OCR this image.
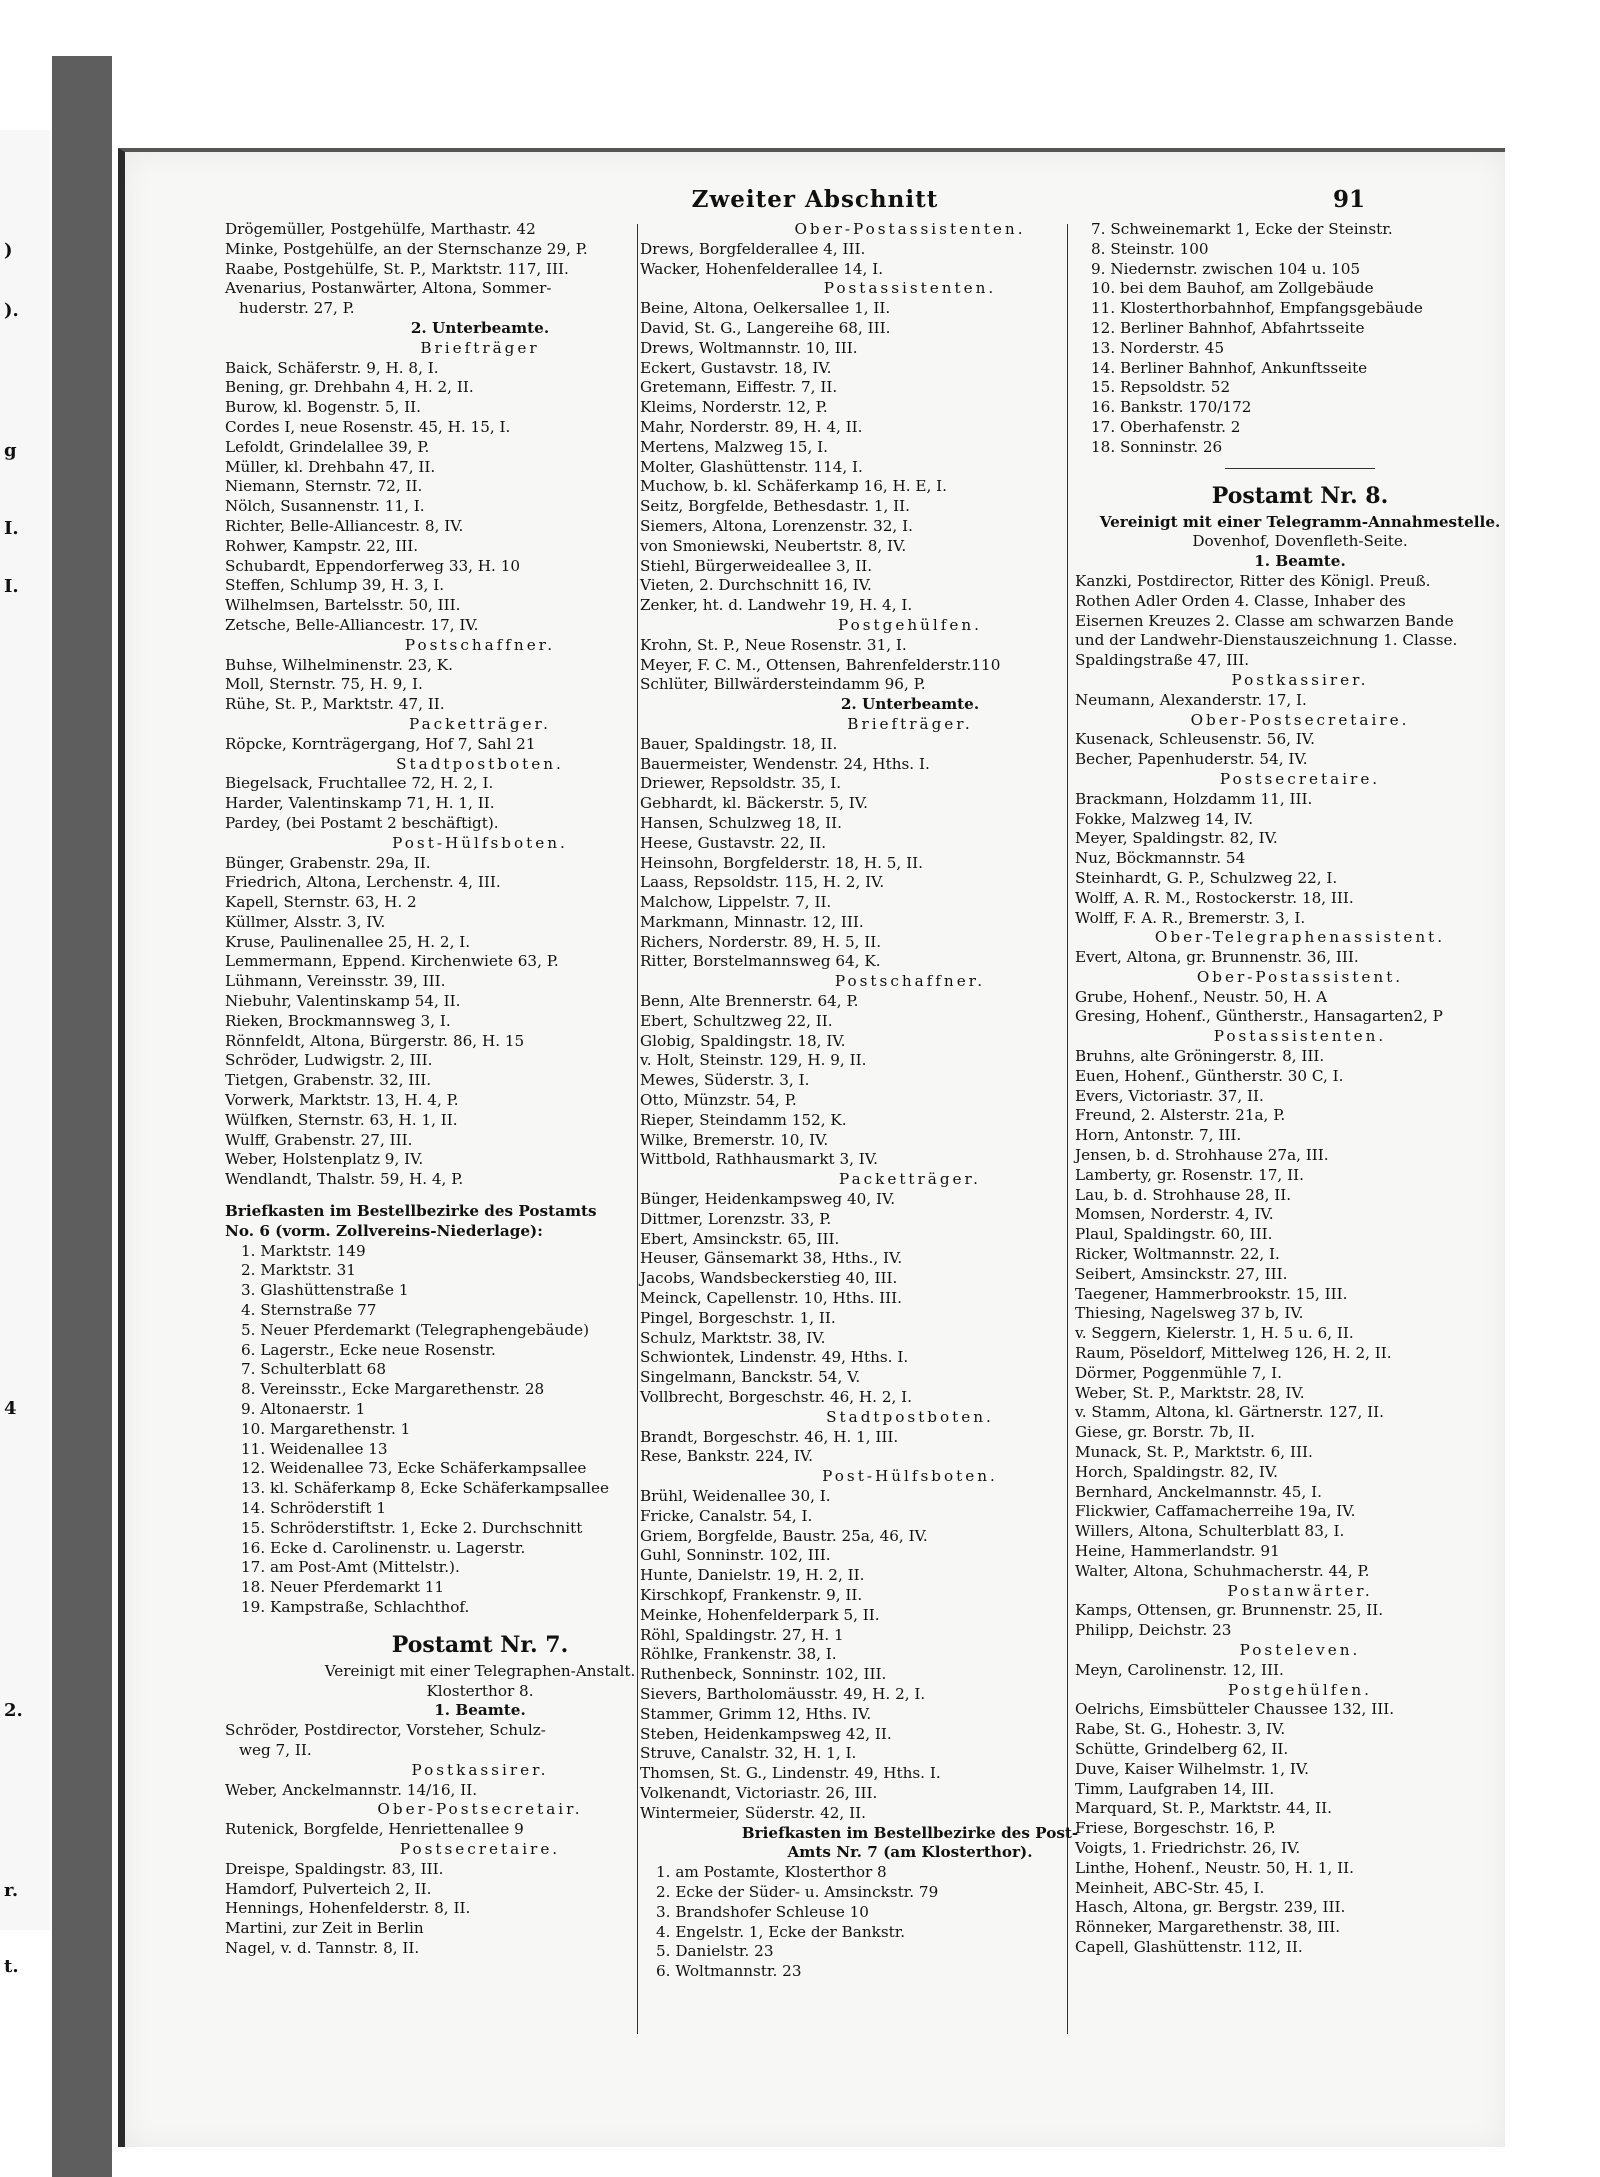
)
).
g
I.
I.
4
2.
r.
t.
Zweiter Abschnitt	91
Drögemüller, Postgehülfe, Marthastr. 42
Minke, Postgehülfe, an der Sternschanze 29, P.
Raabe, Postgehülfe, St. P., Marktstr. 117, III.
Avenarius, Postanwärter, Altona, Sommer-
huderstr. 27, P.
2. Unterbeamte.
Briefträger
Baick, Schäferstr. 9, H. 8, I.
Bening, gr. Drehbahn 4, H. 2, II.
Burow, kl. Bogenstr. 5, II.
Cordes I, neue Rosenstr. 45, H. 15, I.
Lefoldt, Grindelallee 39, P.
Müller, kl. Drehbahn 47, II.
Niemann, Sternstr. 72, II.
Nölch, Susannenstr. 11, I.
Richter, Belle-Alliancestr. 8, IV.
Rohwer, Kampstr. 22, III.
Schubardt, Eppendorferweg 33, H. 10
Steffen, Schlump 39, H. 3, I.
Wilhelmsen, Bartelsstr. 50, III.
Zetsche, Belle-Alliancestr. 17, IV.
Postschaffner.
Buhse, Wilhelminenstr. 23, K.
Moll, Sternstr. 75, H. 9, I.
Rühe, St. P., Marktstr. 47, II.
Packetträger.
Röpcke, Kornträgergang, Hof 7, Sahl 21
Stadtpostboten.
Biegelsack, Fruchtallee 72, H. 2, I.
Harder, Valentinskamp 71, H. 1, II.
Pardey, (bei Postamt 2 beschäftigt).
Post-Hülfsboten.
Bünger, Grabenstr. 29a, II.
Friedrich, Altona, Lerchenstr. 4, III.
Kapell, Sternstr. 63, H. 2
Küllmer, Alsstr. 3, IV.
Kruse, Paulinenallee 25, H. 2, I.
Lemmermann, Eppend. Kirchenwiete 63, P.
Lühmann, Vereinsstr. 39, III.
Niebuhr, Valentinskamp 54, II.
Rieken, Brockmannsweg 3, I.
Rönnfeldt, Altona, Bürgerstr. 86, H. 15
Schröder, Ludwigstr. 2, III.
Tietgen, Grabenstr. 32, III.
Vorwerk, Marktstr. 13, H. 4, P.
Wülfken, Sternstr. 63, H. 1, II.
Wulff, Grabenstr. 27, III.
Weber, Holstenplatz 9, IV.
Wendlandt, Thalstr. 59, H. 4, P.
Briefkasten im Bestellbezirke des Postamts
No. 6 (vorm. Zollvereins-Niederlage):
1. Marktstr. 149
2. Marktstr. 31
3. Glashüttenstraße 1
4. Sternstraße 77
5. Neuer Pferdemarkt (Telegraphengebäude)
6. Lagerstr., Ecke neue Rosenstr.
7. Schulterblatt 68
8. Vereinsstr., Ecke Margarethenstr. 28
9. Altonaerstr. 1
10. Margarethenstr. 1
11. Weidenallee 13
12. Weidenallee 73, Ecke Schäferkampsallee
13. kl. Schäferkamp 8, Ecke Schäferkampsallee
14. Schröderstift 1
15. Schröderstiftstr. 1, Ecke 2. Durchschnitt
16. Ecke d. Carolinenstr. u. Lagerstr.
17. am Post-Amt (Mittelstr.).
18. Neuer Pferdemarkt 11
19. Kampstraße, Schlachthof.
Postamt Nr. 7.
Vereinigt mit einer Telegraphen-Anstalt.
Klosterthor 8.
1. Beamte.
Schröder, Postdirector, Vorsteher, Schulz-
weg 7, II.
Postkassirer.
Weber, Anckelmannstr. 14/16, II.
Ober-Postsecretair.
Rutenick, Borgfelde, Henriettenallee 9
Postsecretaire.
Dreispe, Spaldingstr. 83, III.
Hamdorf, Pulverteich 2, II.
Hennings, Hohenfelderstr. 8, II.
Martini, zur Zeit in Berlin
Nagel, v. d. Tannstr. 8, II.
Ober-Postassistenten.
Drews, Borgfelderallee 4, III.
Wacker, Hohenfelderallee 14, I.
Postassistenten.
Beine, Altona, Oelkersallee 1, II.
David, St. G., Langereihe 68, III.
Drews, Woltmannstr. 10, III.
Eckert, Gustavstr. 18, IV.
Gretemann, Eiffestr. 7, II.
Kleims, Norderstr. 12, P.
Mahr, Norderstr. 89, H. 4, II.
Mertens, Malzweg 15, I.
Molter, Glashüttenstr. 114, I.
Muchow, b. kl. Schäferkamp 16, H. E, I.
Seitz, Borgfelde, Bethesdastr. 1, II.
Siemers, Altona, Lorenzenstr. 32, I.
von Smoniewski, Neubertstr. 8, IV.
Stiehl, Bürgerweideallee 3, II.
Vieten, 2. Durchschnitt 16, IV.
Zenker, ht. d. Landwehr 19, H. 4, I.
Postgehülfen.
Krohn, St. P., Neue Rosenstr. 31, I.
Meyer, F. C. M., Ottensen, Bahrenfelderstr.110
Schlüter, Billwärdersteindamm 96, P.
2. Unterbeamte.
Briefträger.
Bauer, Spaldingstr. 18, II.
Bauermeister, Wendenstr. 24, Hths. I.
Driewer, Repsoldstr. 35, I.
Gebhardt, kl. Bäckerstr. 5, IV.
Hansen, Schulzweg 18, II.
Heese, Gustavstr. 22, II.
Heinsohn, Borgfelderstr. 18, H. 5, II.
Laass, Repsoldstr. 115, H. 2, IV.
Malchow, Lippelstr. 7, II.
Markmann, Minnastr. 12, III.
Richers, Norderstr. 89, H. 5, II.
Ritter, Borstelmannsweg 64, K.
Postschaffner.
Benn, Alte Brennerstr. 64, P.
Ebert, Schultzweg 22, II.
Globig, Spaldingstr. 18, IV.
v. Holt, Steinstr. 129, H. 9, II.
Mewes, Süderstr. 3, I.
Otto, Münzstr. 54, P.
Rieper, Steindamm 152, K.
Wilke, Bremerstr. 10, IV.
Wittbold, Rathhausmarkt 3, IV.
Packetträger.
Bünger, Heidenkampsweg 40, IV.
Dittmer, Lorenzstr. 33, P.
Ebert, Amsinckstr. 65, III.
Heuser, Gänsemarkt 38, Hths., IV.
Jacobs, Wandsbeckerstieg 40, III.
Meinck, Capellenstr. 10, Hths. III.
Pingel, Borgeschstr. 1, II.
Schulz, Marktstr. 38, IV.
Schwiontek, Lindenstr. 49, Hths. I.
Singelmann, Banckstr. 54, V.
Vollbrecht, Borgeschstr. 46, H. 2, I.
Stadtpostboten.
Brandt, Borgeschstr. 46, H. 1, III.
Rese, Bankstr. 224, IV.
Post-Hülfsboten.
Brühl, Weidenallee 30, I.
Fricke, Canalstr. 54, I.
Griem, Borgfelde, Baustr. 25a, 46, IV.
Guhl, Sonninstr. 102, III.
Hunte, Danielstr. 19, H. 2, II.
Kirschkopf, Frankenstr. 9, II.
Meinke, Hohenfelderpark 5, II.
Röhl, Spaldingstr. 27, H. 1
Röhlke, Frankenstr. 38, I.
Ruthenbeck, Sonninstr. 102, III.
Sievers, Bartholomäusstr. 49, H. 2, I.
Stammer, Grimm 12, Hths. IV.
Steben, Heidenkampsweg 42, II.
Struve, Canalstr. 32, H. 1, I.
Thomsen, St. G., Lindenstr. 49, Hths. I.
Volkenandt, Victoriastr. 26, III.
Wintermeier, Süderstr. 42, II.
Briefkasten im Bestellbezirke des Post-
Amts Nr. 7 (am Klosterthor).
1. am Postamte, Klosterthor 8
2. Ecke der Süder- u. Amsinckstr. 79
3. Brandshofer Schleuse 10
4. Engelstr. 1, Ecke der Bankstr.
5. Danielstr. 23
6. Woltmannstr. 23
7. Schweinemarkt 1, Ecke der Steinstr.
8. Steinstr. 100
9. Niedernstr. zwischen 104 u. 105
10. bei dem Bauhof, am Zollgebäude
11. Klosterthorbahnhof, Empfangsgebäude
12. Berliner Bahnhof, Abfahrtsseite
13. Norderstr. 45
14. Berliner Bahnhof, Ankunftsseite
15. Repsoldstr. 52
16. Bankstr. 170/172
17. Oberhafenstr. 2
18. Sonninstr. 26
Postamt Nr. 8.
Vereinigt mit einer Telegramm-Annahmestelle.
Dovenhof, Dovenfleth-Seite.
1. Beamte.
Kanzki, Postdirector, Ritter des Königl. Preuß.
Rothen Adler Orden 4. Classe, Inhaber des
Eisernen Kreuzes 2. Classe am schwarzen Bande
und der Landwehr-Dienstauszeichnung 1. Classe.
Spaldingstraße 47, III.
Postkassirer.
Neumann, Alexanderstr. 17, I.
Ober-Postsecretaire.
Kusenack, Schleusenstr. 56, IV.
Becher, Papenhuderstr. 54, IV.
Postsecretaire.
Brackmann, Holzdamm 11, III.
Fokke, Malzweg 14, IV.
Meyer, Spaldingstr. 82, IV.
Nuz, Böckmannstr. 54
Steinhardt, G. P., Schulzweg 22, I.
Wolff, A. R. M., Rostockerstr. 18, III.
Wolff, F. A. R., Bremerstr. 3, I.
Ober-Telegraphenassistent.
Evert, Altona, gr. Brunnenstr. 36, III.
Ober-Postassistent.
Grube, Hohenf., Neustr. 50, H. A
Gresing, Hohenf., Güntherstr., Hansagarten2, P
Postassistenten.
Bruhns, alte Gröningerstr. 8, III.
Euen, Hohenf., Güntherstr. 30 C, I.
Evers, Victoriastr. 37, II.
Freund, 2. Alsterstr. 21a, P.
Horn, Antonstr. 7, III.
Jensen, b. d. Strohhause 27a, III.
Lamberty, gr. Rosenstr. 17, II.
Lau, b. d. Strohhause 28, II.
Momsen, Norderstr. 4, IV.
Plaul, Spaldingstr. 60, III.
Ricker, Woltmannstr. 22, I.
Seibert, Amsinckstr. 27, III.
Taegener, Hammerbrookstr. 15, III.
Thiesing, Nagelsweg 37 b, IV.
v. Seggern, Kielerstr. 1, H. 5 u. 6, II.
Raum, Pöseldorf, Mittelweg 126, H. 2, II.
Dörmer, Poggenmühle 7, I.
Weber, St. P., Marktstr. 28, IV.
v. Stamm, Altona, kl. Gärtnerstr. 127, II.
Giese, gr. Borstr. 7b, II.
Munack, St. P., Marktstr. 6, III.
Horch, Spaldingstr. 82, IV.
Bernhard, Anckelmannstr. 45, I.
Flickwier, Caffamacherreihe 19a, IV.
Willers, Altona, Schulterblatt 83, I.
Heine, Hammerlandstr. 91
Walter, Altona, Schuhmacherstr. 44, P.
Postanwärter.
Kamps, Ottensen, gr. Brunnenstr. 25, II.
Philipp, Deichstr. 23
Posteleven.
Meyn, Carolinenstr. 12, III.
Postgehülfen.
Oelrichs, Eimsbütteler Chaussee 132, III.
Rabe, St. G., Hohestr. 3, IV.
Schütte, Grindelberg 62, II.
Duve, Kaiser Wilhelmstr. 1, IV.
Timm, Laufgraben 14, III.
Marquard, St. P., Marktstr. 44, II.
Friese, Borgeschstr. 16, P.
Voigts, 1. Friedrichstr. 26, IV.
Linthe, Hohenf., Neustr. 50, H. 1, II.
Meinheit, ABC-Str. 45, I.
Hasch, Altona, gr. Bergstr. 239, III.
Rönneker, Margarethenstr. 38, III.
Capell, Glashüttenstr. 112, II.
